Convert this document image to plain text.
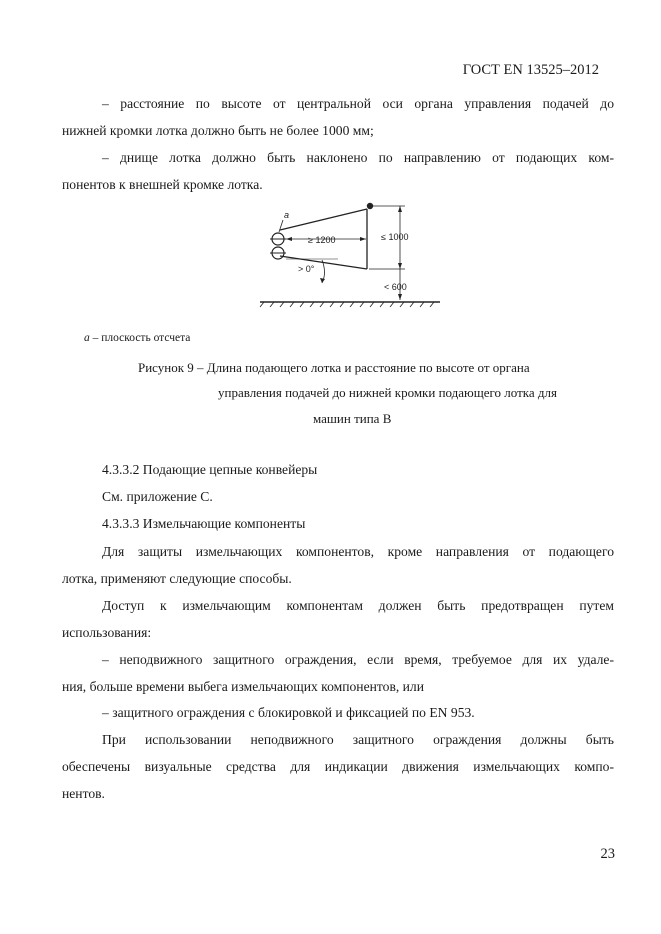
ГОСТ EN 13525–2012
– расстояние по высоте от центральной оси органа управления подачей до
нижней кромки лотка должно быть не более 1000 мм;
– днище лотка должно быть наклонено по направлению от подающих ком-
понентов к внешней кромке лотка.
a
≥ 1200
> 0°
≤ 1000
< 600
a – плоскость отсчета
Рисунок 9 – Длина подающего лотка и расстояние по высоте от органа
управления подачей до нижней кромки подающего лотка для
машин типа В
4.3.3.2 Подающие цепные конвейеры
См. приложение С.
4.3.3.3 Измельчающие компоненты
Для защиты измельчающих компонентов, кроме направления от подающего
лотка, применяют следующие способы.
Доступ к измельчающим компонентам должен быть предотвращен путем
использования:
– неподвижного защитного ограждения, если время, требуемое для их удале-
ния, больше времени выбега измельчающих компонентов, или
– защитного ограждения с блокировкой и фиксацией по EN 953.
При использовании неподвижного защитного ограждения должны быть
обеспечены визуальные средства для индикации движения измельчающих компо-
нентов.
23
